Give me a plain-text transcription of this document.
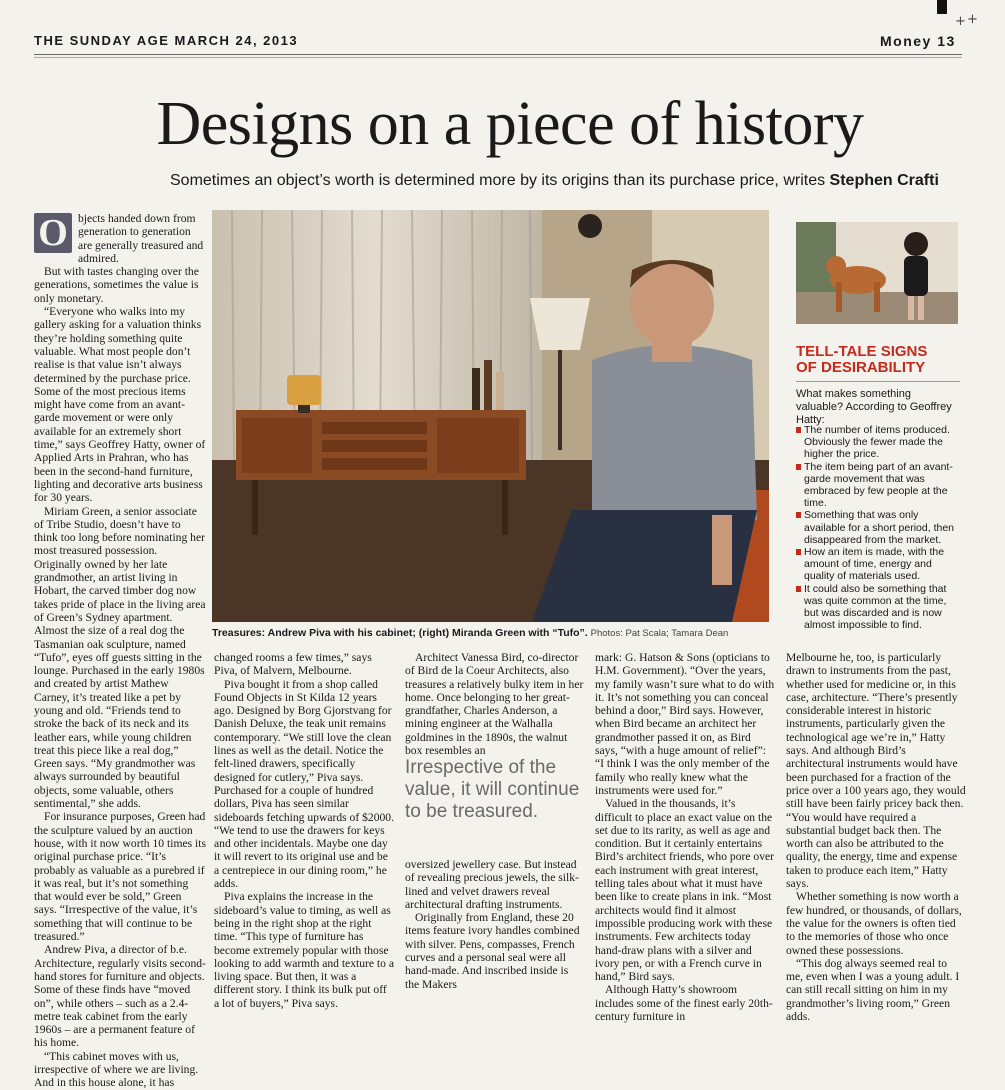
+ +
THE SUNDAY AGE MARCH 24, 2013	Money 13
Designs on a piece of history
Sometimes an object’s worth is determined more by its origins than its purchase price, writes Stephen Crafti

O bjects handed down from generation to generation are generally treasured and admired.

But with tastes changing over the generations, sometimes the value is only monetary.

“Everyone who walks into my gallery asking for a valuation thinks they’re holding something quite valuable. What most people don’t realise is that value isn’t always determined by the purchase price. Some of the most precious items might have come from an avant-garde movement or were only available for an extremely short time,” says Geoffrey Hatty, owner of Applied Arts in Prahran, who has been in the second-hand furniture, lighting and decorative arts business for 30 years.

Miriam Green, a senior associate of Tribe Studio, doesn’t have to think too long before nominating her most treasured possession. Originally owned by her late grandmother, an artist living in Hobart, the carved timber dog now takes pride of place in the living area of Green’s Sydney apartment. Almost the size of a real dog the Tasmanian oak sculpture, named “Tufo”, eyes off guests sitting in the lounge. Purchased in the early 1980s and created by artist Mathew Carney, it’s treated like a pet by young and old. “Friends tend to stroke the back of its neck and its leather ears, while young children treat this piece like a real dog,” Green says. “My grandmother was always surrounded by beautiful objects, some valuable, others sentimental,” she adds.

For insurance purposes, Green had the sculpture valued by an auction house, with it now worth 10 times its original purchase price. “It’s probably as valuable as a purebred if it was real, but it’s not something that would ever be sold,” Green says. “Irrespective of the value, it’s something that will continue to be treasured.”

Andrew Piva, a director of b.e. Architecture, regularly visits second-hand stores for furniture and objects. Some of these finds have “moved on”, while others – such as a 2.4-metre teak cabinet from the early 1960s – are a permanent feature of his home.

“This cabinet moves with us, irrespective of where we are living. And in this house alone, it has

Treasures: Andrew Piva with his cabinet; (right) Miranda Green with “Tufo”. Photos: Pat Scala; Tamara Dean
TELL-TALE SIGNS
OF DESIRABILITY
What makes something valuable? According to Geoffrey Hatty:
The number of items produced. Obviously the fewer made the higher the price.
The item being part of an avant-garde movement that was embraced by few people at the time.
Something that was only available for a short period, then disappeared from the market.
How an item is made, with the amount of time, energy and quality of materials used.
It could also be something that was quite common at the time, but was discarded and is now almost impossible to find.

changed rooms a few times,” says Piva, of Malvern, Melbourne.

Piva bought it from a shop called Found Objects in St Kilda 12 years ago. Designed by Borg Gjorstvang for Danish Deluxe, the teak unit remains contemporary. “We still love the clean lines as well as the detail. Notice the felt-lined drawers, specifically designed for cutlery,” Piva says. Purchased for a couple of hundred dollars, Piva has seen similar sideboards fetching upwards of $2000. “We tend to use the drawers for keys and other incidentals. Maybe one day it will revert to its original use and be a centrepiece in our dining room,” he adds.

Piva explains the increase in the sideboard’s value to timing, as well as being in the right shop at the right time. “This type of furniture has become extremely popular with those looking to add warmth and texture to a living space. But then, it was a different story. I think its bulk put off a lot of buyers,” Piva says.

Architect Vanessa Bird, co-director of Bird de la Coeur Architects, also treasures a relatively bulky item in her home. Once belonging to her great-grandfather, Charles Anderson, a mining engineer at the Walhalla goldmines in the 1890s, the walnut box resembles an

Irrespective of the value, it will continue to be treasured.

oversized jewellery case. But instead of revealing precious jewels, the silk-lined and velvet drawers reveal architectural drafting instruments.

Originally from England, these 20 items feature ivory handles combined with silver. Pens, compasses, French curves and a personal seal were all hand-made. And inscribed inside is the Makers

mark: G. Hatson & Sons (opticians to H.M. Government). “Over the years, my family wasn’t sure what to do with it. It’s not something you can conceal behind a door,” Bird says. However, when Bird became an architect her grandmother passed it on, as Bird says, “with a huge amount of relief”: “I think I was the only member of the family who really knew what the instruments were used for.”

Valued in the thousands, it’s difficult to place an exact value on the set due to its rarity, as well as age and condition. But it certainly entertains Bird’s architect friends, who pore over each instrument with great interest, telling tales about what it must have been like to create plans in ink. “Most architects would find it almost impossible producing work with these instruments. Few architects today hand-draw plans with a silver and ivory pen, or with a French curve in hand,” Bird says.

Although Hatty’s showroom includes some of the finest early 20th-century furniture in

Melbourne he, too, is particularly drawn to instruments from the past, whether used for medicine or, in this case, architecture. “There’s presently considerable interest in historic instruments, particularly given the technological age we’re in,” Hatty says. And although Bird’s architectural instruments would have been purchased for a fraction of the price over a 100 years ago, they would still have been fairly pricey back then. “You would have required a substantial budget back then. The worth can also be attributed to the quality, the energy, time and expense taken to produce each item,” Hatty says.

Whether something is now worth a few hundred, or thousands, of dollars, the value for the owners is often tied to the memories of those who once owned these possessions.

“This dog always seemed real to me, even when I was a young adult. I can still recall sitting on him in my grandmother’s living room,” Green adds.
